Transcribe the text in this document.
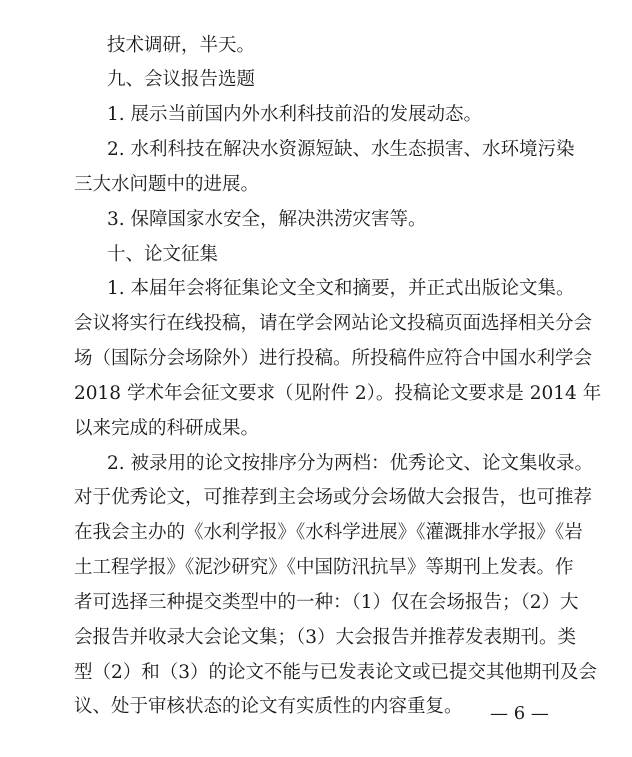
技术调研，半天。
九、会议报告选题
1. 展示当前国内外水利科技前沿的发展动态。
2. 水利科技在解决水资源短缺、水生态损害、水环境污染
三大水问题中的进展。
3. 保障国家水安全，解决洪涝灾害等。
十、论文征集
1. 本届年会将征集论文全文和摘要，并正式出版论文集。
会议将实行在线投稿，请在学会网站论文投稿页面选择相关分会
场（国际分会场除外）进行投稿。所投稿件应符合中国水利学会
2018 学术年会征文要求（见附件 2）。投稿论文要求是 2014 年
以来完成的科研成果。
2. 被录用的论文按排序分为两档：优秀论文、论文集收录。
对于优秀论文，可推荐到主会场或分会场做大会报告，也可推荐
在我会主办的《水利学报》《水科学进展》《灌溉排水学报》《岩
土工程学报》《泥沙研究》《中国防汛抗旱》等期刊上发表。作
者可选择三种提交类型中的一种：（1）仅在会场报告；（2）大
会报告并收录大会论文集；（3）大会报告并推荐发表期刊。类
型（2）和（3）的论文不能与已发表论文或已提交其他期刊及会
议、处于审核状态的论文有实质性的内容重复。	— 6 —
